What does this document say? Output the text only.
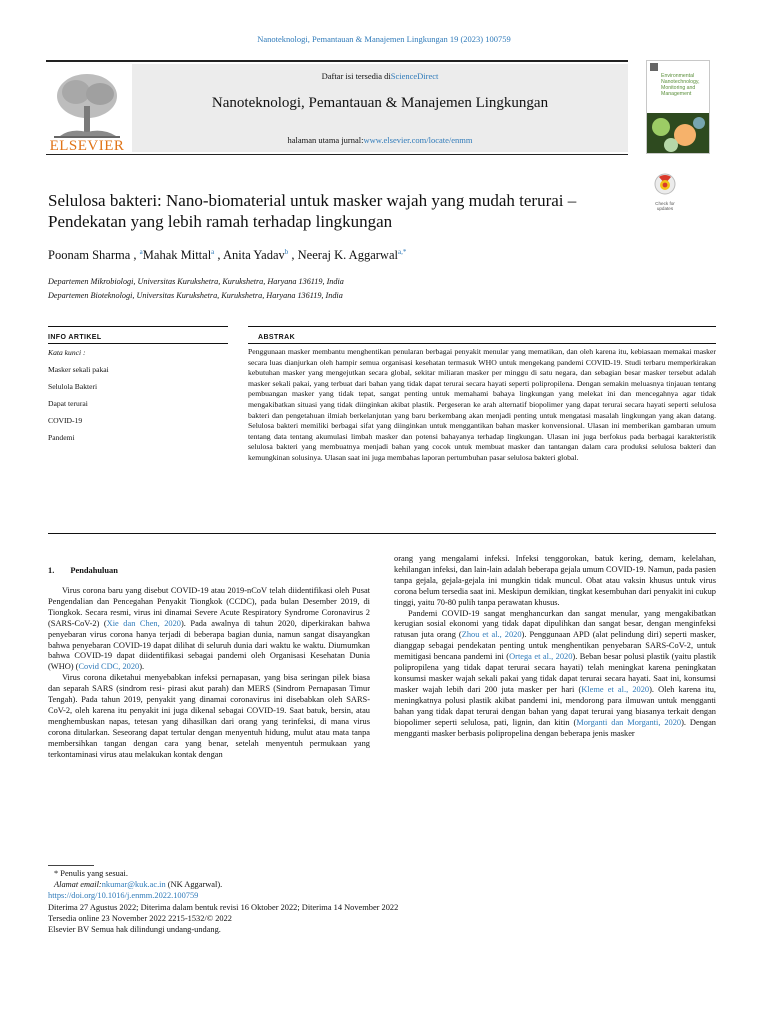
Nanoteknologi, Pemantauan & Manajemen Lingkungan 19 (2023) 100759
ELSEVIER
Daftar isi tersedia diScienceDirect
Nanoteknologi, Pemantauan & Manajemen Lingkungan
halaman utama jurnal:www.elsevier.com/locate/enmm
Environmental
Nanotechnology,
Monitoring and
Management
Check for
updates
Selulosa bakteri: Nano-biomaterial untuk masker wajah yang mudah terurai –
Pendekatan yang lebih ramah terhadap lingkungan
Poonam Sharma , $^a$Mahak Mittal$^a$ , Anita Yadav$^b$ , Neeraj K. Aggarwal$^{a,*}$
Departemen Mikrobiologi, Universitas Kurukshetra, Kurukshetra, Haryana 136119, India
Departemen Bioteknologi, Universitas Kurukshetra, Kurukshetra, Haryana 136119, India
INFO ARTIKEL	ABSTRAK
Kata kunci :
Masker sekali pakai
Selulola Bakteri
Dapat terurai
COVID-19
Pandemi
Penggunaan masker membantu menghentikan penularan berbagai penyakit menular yang mematikan, dan oleh karena itu, kebiasaan memakai masker secara luas dianjurkan oleh hampir semua organisasi kesehatan termasuk WHO untuk mengekang pandemi COVID-19. Studi terbaru memperkirakan kebutuhan masker yang mengejutkan secara global, sekitar miliaran masker per minggu di satu negara, dan sebagian besar masker tersebut adalah masker sekali pakai, yang terbuat dari bahan yang tidak dapat terurai secara hayati seperti polipropilena. Dengan semakin meluasnya tinjauan tentang pembuangan masker yang tidak tepat, sangat penting untuk memahami bahaya lingkungan yang melekat ini dan mencegahnya agar tidak mengakibatkan situasi yang tidak diinginkan akibat plastik. Pergeseran ke arah alternatif biopolimer yang dapat terurai secara hayati seperti selulosa bakteri dan pengetahuan ilmiah berkelanjutan yang baru berkembang akan menjadi penting untuk mengatasi masalah lingkungan yang akan datang. Selulosa bakteri memiliki berbagai sifat yang diinginkan untuk menggantikan bahan masker konvensional. Ulasan ini memberikan gambaran umum tentang data tentang akumulasi limbah masker dan potensi bahayanya terhadap lingkungan. Ulasan ini juga berfokus pada berbagai karakteristik selulosa bakteri yang membuatnya menjadi bahan yang cocok untuk membuat masker dan tantangan dalam cara produksi selulosa bakteri dan kemungkinan solusinya. Ulasan saat ini juga membahas laporan pertumbuhan pasar selulosa bakteri global.
1. Pendahuluan

Virus corona baru yang disebut COVID-19 atau 2019-nCoV telah diidentifikasi oleh Pusat Pengendalian dan Pencegahan Penyakit Tiongkok (CCDC), pada bulan Desember 2019, di Tiongkok. Secara resmi, virus ini dinamai Severe Acute Respiratory Syndrome Coronavirus 2 (SARS-CoV-2) (Xie dan Chen, 2020). Pada awalnya di tahun 2020, diperkirakan bahwa penyebaran virus corona hanya terjadi di beberapa bagian dunia, namun sangat disayangkan bahwa penyebaran COVID-19 dapat dilihat di seluruh dunia dari waktu ke waktu. Diumumkan bahwa COVID-19 dapat diidentifikasi sebagai pandemi oleh Organisasi Kesehatan Dunia (WHO) (Covid CDC, 2020).

Virus corona diketahui menyebabkan infeksi pernapasan, yang bisa seringan pilek biasa dan separah SARS (sindrom resi- pirasi akut parah) dan MERS (Sindrom Pernapasan Timur Tengah). Pada tahun 2019, penyakit yang dinamai coronavirus ini disebabkan oleh SARS- CoV-2, oleh karena itu penyakit ini juga dikenal sebagai COVID-19. Saat batuk, bersin, atau menghembuskan napas, tetesan yang dihasilkan dari orang yang terinfeksi, di mana virus corona ditularkan. Seseorang dapat tertular dengan menyentuh hidung, mulut atau mata tanpa membersihkan tangan dengan cara yang benar, setelah menyentuh permukaan yang terkontaminasi virus atau melakukan kontak dengan

orang yang mengalami infeksi. Infeksi tenggorokan, batuk kering, demam, kelelahan, kehilangan infeksi, dan lain-lain adalah beberapa gejala umum COVID-19. Namun, pada pasien tanpa gejala, gejala-gejala ini mungkin tidak muncul. Obat atau vaksin khusus untuk virus corona belum tersedia saat ini. Meskipun demikian, tingkat kesembuhan dari penyakit ini cukup tinggi, yaitu 70-80 pulih tanpa perawatan khusus.

Pandemi COVID-19 sangat menghancurkan dan sangat menular, yang mengakibatkan kerugian sosial ekonomi yang tidak dapat dipulihkan dan sangat besar, dengan menginfeksi ratusan juta orang (Zhou et al., 2020). Penggunaan APD (alat pelindung diri) seperti masker, dianggap sebagai pendekatan penting untuk menghentikan penyebaran SARS-CoV-2, untuk memitigasi bencana pandemi ini (Ortega et al., 2020). Beban besar polusi plastik (yaitu plastik polipropilena yang tidak dapat terurai secara hayati) telah meningkat karena peningkatan konsumsi masker wajah sekali pakai yang tidak dapat terurai secara hayati. Saat ini, konsumsi masker wajah lebih dari 200 juta masker per hari (Kleme et al., 2020). Oleh karena itu, meningkatnya polusi plastik akibat pandemi ini, mendorong para ilmuwan untuk mengganti bahan yang tidak dapat terurai dengan bahan yang dapat terurai yang biasanya terkait dengan biopolimer seperti selulosa, pati, lignin, dan kitin (Morganti dan Morganti, 2020). Dengan mengganti masker berbasis polipropelina dengan beberapa jenis masker

* Penulis yang sesuai.
Alamat email:nkumar@kuk.ac.in (NK Aggarwal).
https://doi.org/10.1016/j.enmm.2022.100759
Diterima 27 Agustus 2022; Diterima dalam bentuk revisi 16 Oktober 2022; Diterima 14 November 2022
Tersedia online 23 November 2022 2215-1532/© 2022
Elsevier BV Semua hak dilindungi undang-undang.
